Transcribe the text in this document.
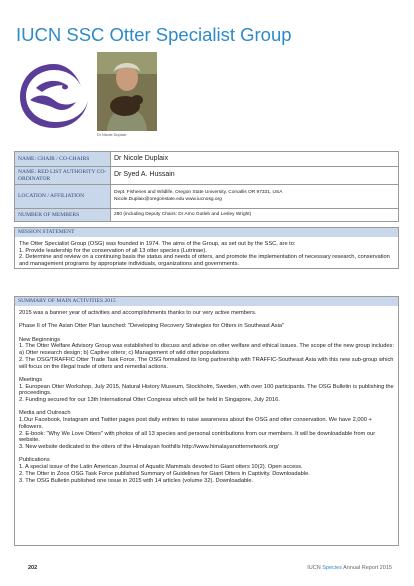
IUCN SSC Otter Specialist Group
Dr Nicole Duplaix
NAME: CHAIR / CO-CHAIRS	Dr Nicole Duplaix
NAME: RED LIST AUTHORITY CO-ORDINATOR	Dr Syed A. Hussain
LOCATION / AFFILIATION	Dept. Fisheries and Wildlife, Oregon State University, Corvallis OR 97331, USA
Nicole.Duplaix@oregonstate.edu www.iucnosg.org

NUMBER OF MEMBERS	280 (including Deputy Chairs: Dr Arno Gutleb and Lesley Wright)
MISSION STATEMENT

The Otter Specialist Group (OSG) was founded in 1974. The aims of the Group, as set out by the SSC, are to:
1. Provide leadership for the conservation of all 13 otter species (Lutrinae).
2. Determine and review on a continuing basis the status and needs of otters, and promote the implementation of necessary research, conservation and management programs by appropriate individuals, organizations and governments.

SUMMARY OF MAIN ACTIVITIES 2015

2015 was a banner year of activities and accomplishments thanks to our very active members.

Phase II of The Asian Otter Plan launched: "Developing Recovery Strategies for Otters in Southeast Asia"

New Beginnings
1. The Otter Welfare Advisory Group was established to discuss and advise on otter welfare and ethical issues. The scope of the new group includes: a) Otter research design; b) Captive otters; c) Management of wild otter populations
2. The OSG/TRAFFIC Otter Trade Task Force. The OSG formalized its long partnership with TRAFFIC-Southeast Asia with this new sub-group which will focus on the illegal trade of otters and remedial actions.

Meetings
1. European Otter Workshop, July 2015, Natural History Museum, Stockholm, Sweden, with over 100 participants. The OSG Bulletin is publishing the proceedings.
2. Funding secured for our 13th International Otter Congress which will be held in Singapore, July 2016.

Media and Outreach
1.Our Facebook, Instagram and Twitter pages post daily entries to raise awareness about the OSG and otter conservation. We have 2,000 + followers.
2. E-book: "Why We Love Otters" with photos of all 13 species and personal contributions from our members. It will be downloadable from our website.
3. New website dedicated to the otters of the Himalayan foothills http://www.himalayanotternetwork.org/

Publications
1. A special issue of the Latin American Journal of Aquatic Mammals devoted to Giant otters 10(2). Open access.
2. The Otter in Zoos OSG Task Force published Summary of Guidelines for Giant Otters in Captivity. Downloadable.
3. The OSG Bulletin published one issue in 2015 with 14 articles (volume 32). Downloadable.

202	IUCN Species Annual Report 2015
